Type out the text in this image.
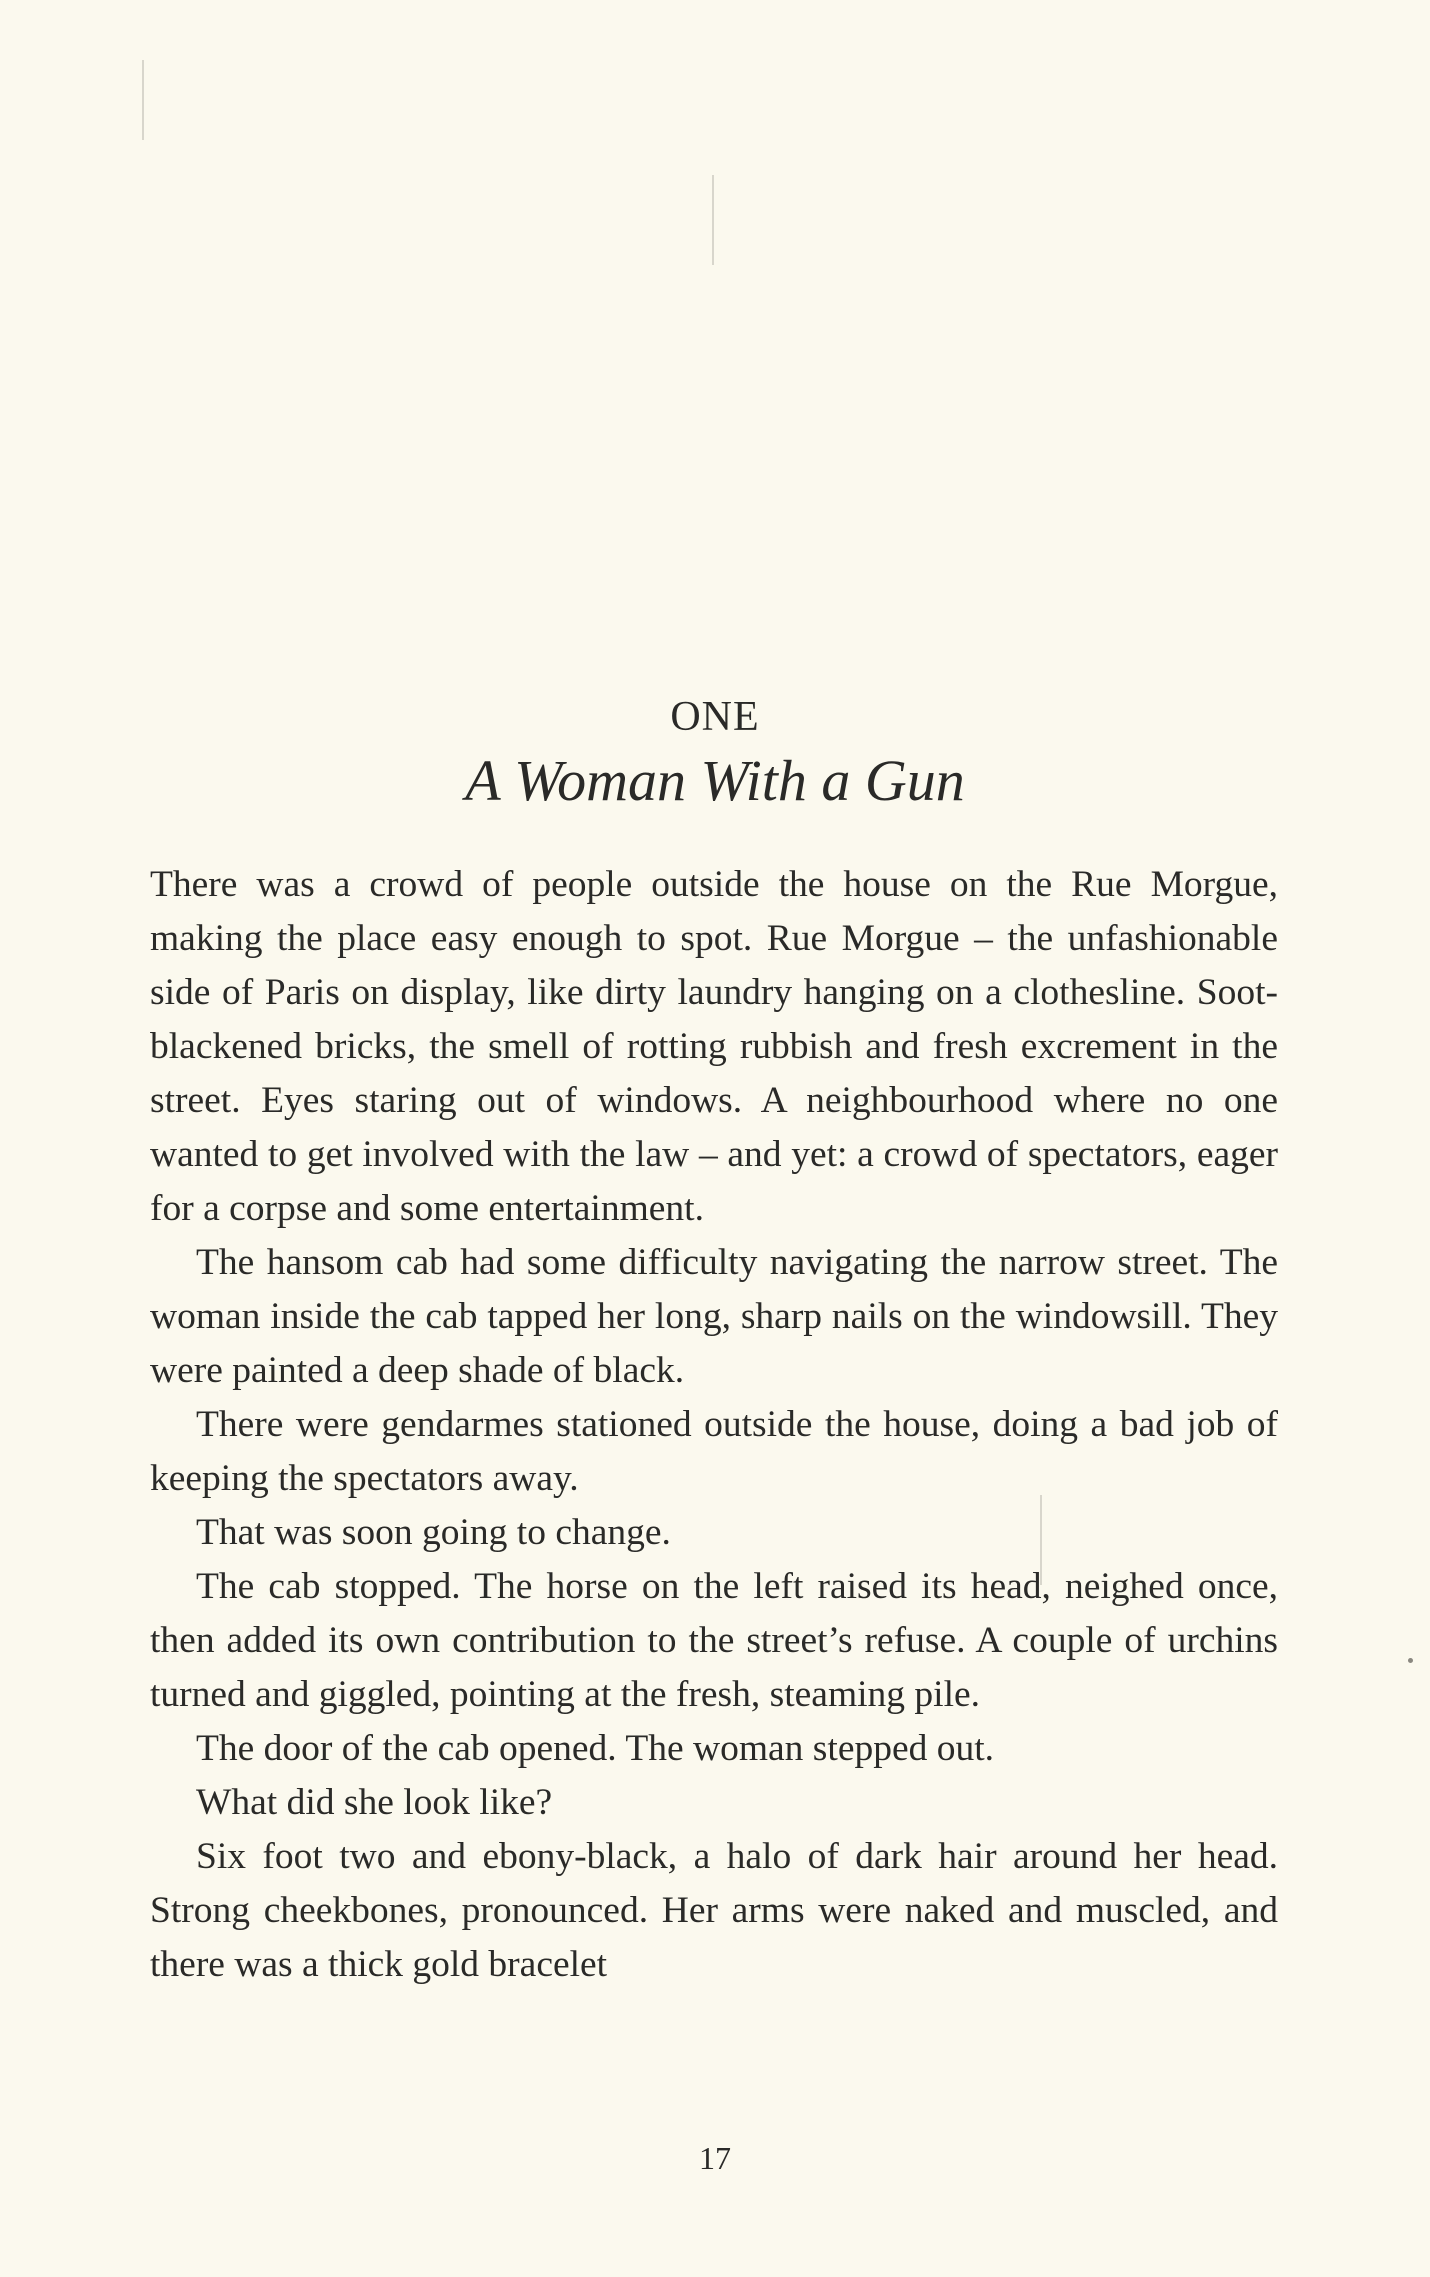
ONE
A Woman With a Gun

There was a crowd of people outside the house on the Rue Morgue, making the place easy enough to spot. Rue Morgue – the unfashionable side of Paris on display, like dirty laundry hanging on a clothesline. Soot-blackened bricks, the smell of rotting rubbish and fresh excrement in the street. Eyes staring out of windows. A neighbourhood where no one wanted to get involved with the law – and yet: a crowd of spectators, eager for a corpse and some entertainment.

The hansom cab had some difficulty navigating the narrow street. The woman inside the cab tapped her long, sharp nails on the windowsill. They were painted a deep shade of black.

There were gendarmes stationed outside the house, doing a bad job of keeping the spectators away.

That was soon going to change.

The cab stopped. The horse on the left raised its head, neighed once, then added its own contribution to the street’s refuse. A couple of urchins turned and giggled, pointing at the fresh, steaming pile.

The door of the cab opened. The woman stepped out.

What did she look like?

Six foot two and ebony-black, a halo of dark hair around her head. Strong cheekbones, pronounced. Her arms were naked and muscled, and there was a thick gold bracelet

17
